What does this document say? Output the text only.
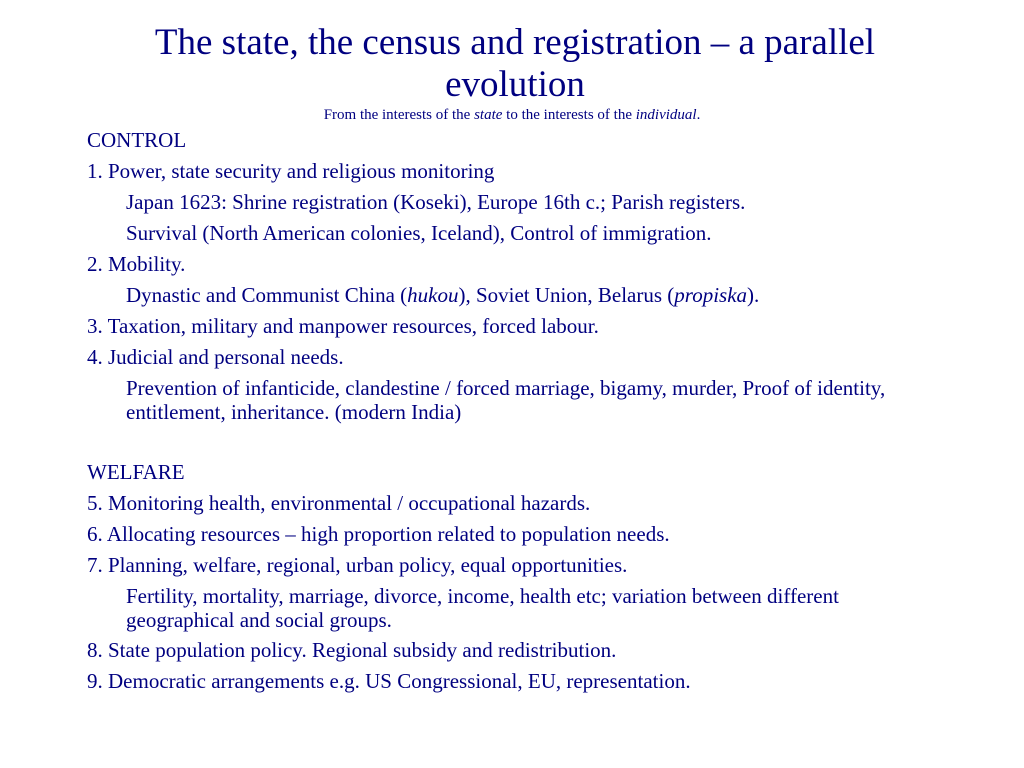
The state, the census and registration – a parallel evolution
From the interests of the state to the interests of the individual.
CONTROL
1. Power, state security and religious monitoring
Japan 1623: Shrine registration (Koseki), Europe 16th c.; Parish registers.
Survival (North American colonies, Iceland), Control of immigration.
2. Mobility.
Dynastic and Communist China (hukou), Soviet Union, Belarus (propiska).
3. Taxation, military and manpower resources, forced labour.
4. Judicial and personal needs.
Prevention of infanticide, clandestine / forced marriage, bigamy, murder, Proof of identity, entitlement, inheritance. (modern India)
WELFARE
5. Monitoring health, environmental / occupational hazards.
6. Allocating resources – high proportion related to population needs.
7. Planning, welfare, regional, urban policy, equal opportunities.
Fertility, mortality, marriage, divorce, income, health etc; variation between different geographical and social groups.
8. State population policy. Regional subsidy and redistribution.
9. Democratic arrangements e.g. US Congressional, EU, representation.
